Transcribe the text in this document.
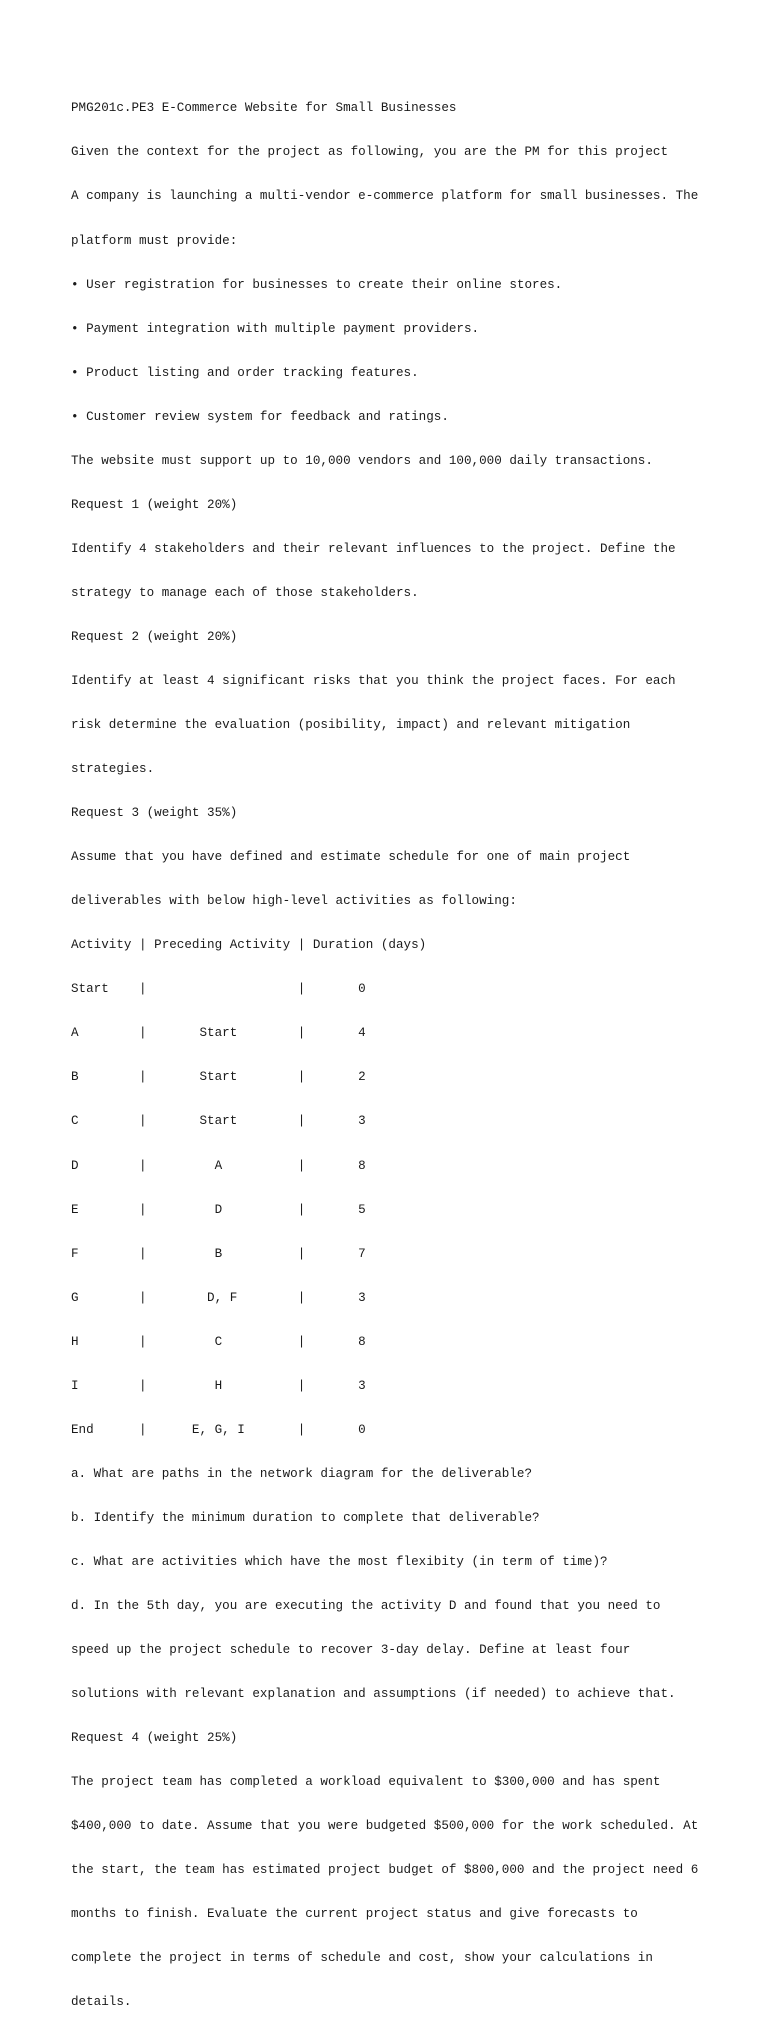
PMG201c.PE3 E-Commerce Website for Small Businesses

Given the context for the project as following, you are the PM for this project

A company is launching a multi-vendor e-commerce platform for small businesses. The

platform must provide:

• User registration for businesses to create their online stores.

• Payment integration with multiple payment providers.

• Product listing and order tracking features.

• Customer review system for feedback and ratings.

The website must support up to 10,000 vendors and 100,000 daily transactions.

Request 1 (weight 20%)

Identify 4 stakeholders and their relevant influences to the project. Define the

strategy to manage each of those stakeholders.

Request 2 (weight 20%)

Identify at least 4 significant risks that you think the project faces. For each

risk determine the evaluation (posibility, impact) and relevant mitigation

strategies.

Request 3 (weight 35%)

Assume that you have defined and estimate schedule for one of main project

deliverables with below high-level activities as following:

Activity | Preceding Activity | Duration (days)

Start    |                    |       0

A        |       Start        |       4

B        |       Start        |       2

C        |       Start        |       3

D        |         A          |       8

E        |         D          |       5

F        |         B          |       7

G        |        D, F        |       3

H        |         C          |       8

I        |         H          |       3

End      |      E, G, I       |       0

a. What are paths in the network diagram for the deliverable?

b. Identify the minimum duration to complete that deliverable?

c. What are activities which have the most flexibity (in term of time)?

d. In the 5th day, you are executing the activity D and found that you need to

speed up the project schedule to recover 3-day delay. Define at least four

solutions with relevant explanation and assumptions (if needed) to achieve that.

Request 4 (weight 25%)

The project team has completed a workload equivalent to $300,000 and has spent

$400,000 to date. Assume that you were budgeted $500,000 for the work scheduled. At

the start, the team has estimated project budget of $800,000 and the project need 6

months to finish. Evaluate the current project status and give forecasts to

complete the project in terms of schedule and cost, show your calculations in

details.
